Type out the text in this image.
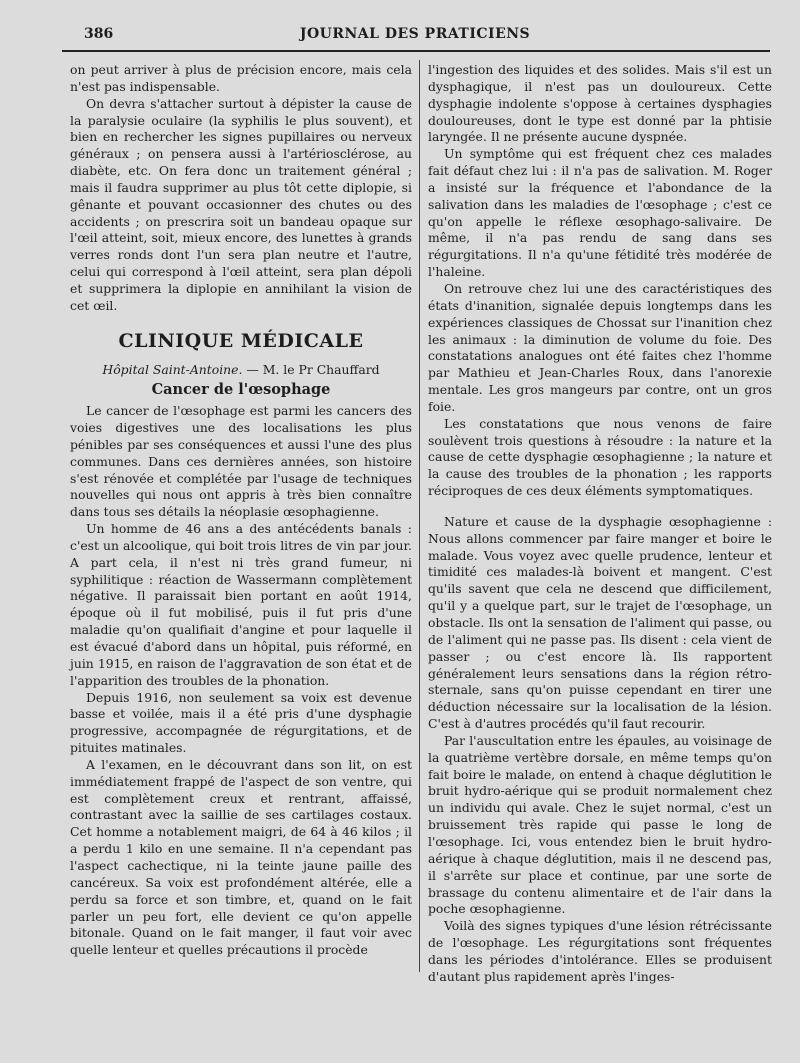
386	JOURNAL DES PRATICIENS

on peut arriver à plus de précision encore, mais cela n'est pas indispensable.

On devra s'attacher surtout à dépister la cause de la paralysie oculaire (la syphilis le plus souvent), et bien en rechercher les signes pupillaires ou nerveux généraux ; on pensera aussi à l'artériosclérose, au diabète, etc. On fera donc un traitement général ; mais il faudra supprimer au plus tôt cette diplopie, si gênante et pouvant occasionner des chutes ou des accidents ; on prescrira soit un bandeau opaque sur l'œil atteint, soit, mieux encore, des lunettes à grands verres ronds dont l'un sera plan neutre et l'autre, celui qui correspond à l'œil atteint, sera plan dépoli et supprimera la diplopie en annihilant la vision de cet œil.

CLINIQUE MÉDICALE
Hôpital Saint-Antoine. — M. le Pr Chauffard
Cancer de l'œsophage

Le cancer de l'œsophage est parmi les cancers des voies digestives une des localisations les plus pénibles par ses conséquences et aussi l'une des plus communes. Dans ces dernières années, son histoire s'est rénovée et complétée par l'usage de techniques nouvelles qui nous ont appris à très bien connaître dans tous ses détails la néoplasie œsophagienne.

Un homme de 46 ans a des antécédents banals : c'est un alcoolique, qui boit trois litres de vin par jour. A part cela, il n'est ni très grand fumeur, ni syphilitique : réaction de Wassermann complètement négative. Il paraissait bien portant en août 1914, époque où il fut mobilisé, puis il fut pris d'une maladie qu'on qualifiait d'angine et pour laquelle il est évacué d'abord dans un hôpital, puis réformé, en juin 1915, en raison de l'aggravation de son état et de l'apparition des troubles de la phonation.

Depuis 1916, non seulement sa voix est devenue basse et voilée, mais il a été pris d'une dysphagie progressive, accompagnée de régurgitations, et de pituites matinales.

A l'examen, en le découvrant dans son lit, on est immédiatement frappé de l'aspect de son ventre, qui est complètement creux et rentrant, affaissé, contrastant avec la saillie de ses cartilages costaux. Cet homme a notablement maigri, de 64 à 46 kilos ; il a perdu 1 kilo en une semaine. Il n'a cependant pas l'aspect cachectique, ni la teinte jaune paille des cancéreux. Sa voix est profondément altérée, elle a perdu sa force et son timbre, et, quand on le fait parler un peu fort, elle devient ce qu'on appelle bitonale. Quand on le fait manger, il faut voir avec quelle lenteur et quelles précautions il procède

l'ingestion des liquides et des solides. Mais s'il est un dysphagique, il n'est pas un douloureux. Cette dysphagie indolente s'oppose à certaines dysphagies douloureuses, dont le type est donné par la phtisie laryngée. Il ne présente aucune dyspnée.

Un symptôme qui est fréquent chez ces malades fait défaut chez lui : il n'a pas de salivation. M. Roger a insisté sur la fréquence et l'abondance de la salivation dans les maladies de l'œsophage ; c'est ce qu'on appelle le réflexe œsophago-salivaire. De même, il n'a pas rendu de sang dans ses régurgitations. Il n'a qu'une fétidité très modérée de l'haleine.

On retrouve chez lui une des caractéristiques des états d'inanition, signalée depuis longtemps dans les expériences classiques de Chossat sur l'inanition chez les animaux : la diminution de volume du foie. Des constatations analogues ont été faites chez l'homme par Mathieu et Jean-Charles Roux, dans l'anorexie mentale. Les gros mangeurs par contre, ont un gros foie.

Les constatations que nous venons de faire soulèvent trois questions à résoudre : la nature et la cause de cette dysphagie œsophagienne ; la nature et la cause des troubles de la phonation ; les rapports réciproques de ces deux éléments symptomatiques.

Nature et cause de la dysphagie œsophagienne : Nous allons commencer par faire manger et boire le malade. Vous voyez avec quelle prudence, lenteur et timidité ces malades-là boivent et mangent. C'est qu'ils savent que cela ne descend que difficilement, qu'il y a quelque part, sur le trajet de l'œsophage, un obstacle. Ils ont la sensation de l'aliment qui passe, ou de l'aliment qui ne passe pas. Ils disent : cela vient de passer ; ou c'est encore là. Ils rapportent généralement leurs sensations dans la région rétro-sternale, sans qu'on puisse cependant en tirer une déduction nécessaire sur la localisation de la lésion. C'est à d'autres procédés qu'il faut recourir.

Par l'auscultation entre les épaules, au voisinage de la quatrième vertèbre dorsale, en même temps qu'on fait boire le malade, on entend à chaque déglutition le bruit hydro-aérique qui se produit normalement chez un individu qui avale. Chez le sujet normal, c'est un bruissement très rapide qui passe le long de l'œsophage. Ici, vous entendez bien le bruit hydro-aérique à chaque déglutition, mais il ne descend pas, il s'arrête sur place et continue, par une sorte de brassage du contenu alimentaire et de l'air dans la poche œsophagienne.

Voilà des signes typiques d'une lésion rétrécissante de l'œsophage. Les régurgitations sont fréquentes dans les périodes d'intolérance. Elles se produisent d'autant plus rapidement après l'inges-
